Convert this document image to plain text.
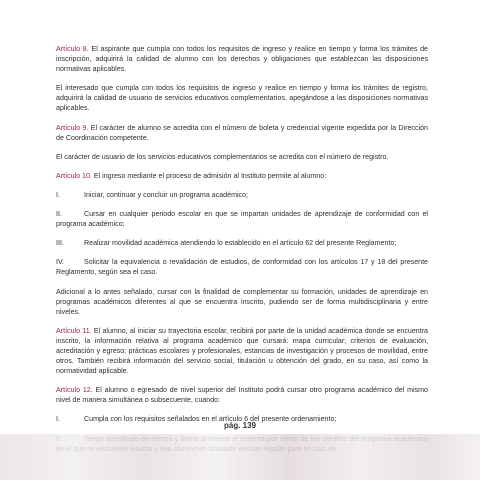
Artículo 8. El aspirante que cumpla con todos los requisitos de ingreso y realice en tiempo y forma los trámites de inscripción, adquirirá la calidad de alumno con los derechos y obligaciones que establezcan las disposiciones normativas aplicables.

El interesado que cumpla con todos los requisitos de ingreso y realice en tiempo y forma los trámites de registro, adquirirá la calidad de usuario de servicios educativos complementarios, apegándose a las disposiciones normativas aplicables.

Artículo 9. El carácter de alumno se acredita con el número de boleta y credencial vigente expedida por la Dirección de Coordinación competente.

El carácter de usuario de los servicios educativos complementarios se acredita con el número de registro.

Artículo 10. El ingreso mediante el proceso de admisión al Instituto permite al alumno:

I.	Iniciar, continuar y concluir un programa académico;

II.	Cursar en cualquier periodo escolar en que se impartan unidades de aprendizaje de conformidad con el programa académico;

III.	Realizar movilidad académica atendiendo lo establecido en el artículo 62 del presente Reglamento;

IV.	Solicitar la equivalencia o revalidación de estudios, de conformidad con los artículos 17 y 18 del presente Reglamento, según sea el caso.

Adicional a lo antes señalado, cursar con la finalidad de complementar su formación, unidades de aprendizaje en programas académicos diferentes al que se encuentra inscrito, pudiendo ser de forma multidisciplinaria y entre niveles.

Artículo 11. El alumno, al iniciar su trayectoria escolar, recibirá por parte de la unidad académica donde se encuentra inscrito, la información relativa al programa académico que cursará: mapa curricular; criterios de evaluación, acreditación y egreso; prácticas escolares y profesionales, estancias de investigación y procesos de movilidad, entre otros. También recibirá información del servicio social, titulación u obtención del grado, en su caso, así como la normatividad aplicable.

Artículo 12. El alumno o egresado de nivel superior del Instituto podrá cursar otro programa académico del mismo nivel de manera simultánea o subsecuente, cuando:

I.	Cumpla con los requisitos señalados en el artículo 6 del presente ordenamiento;

pág. 139
